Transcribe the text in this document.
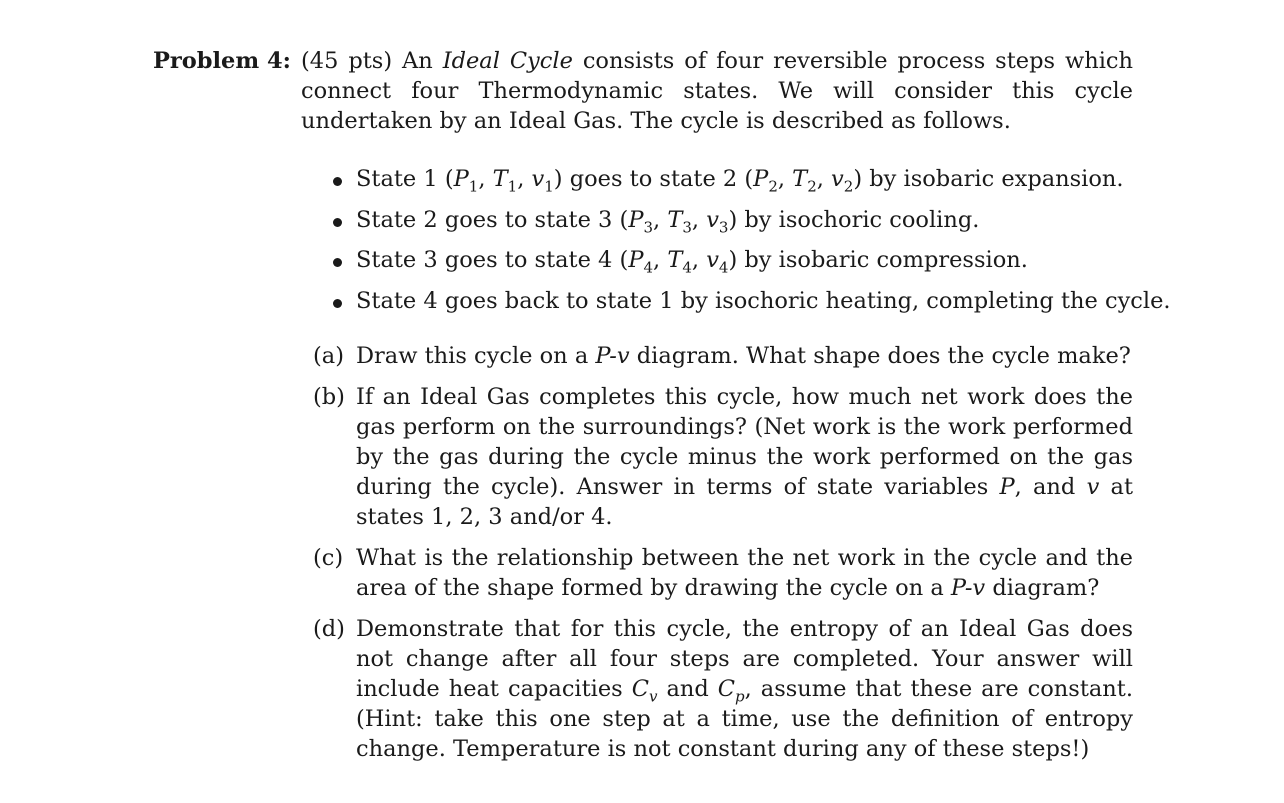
Problem 4: (45 pts) An Ideal Cycle consists of four reversible process steps which connect four Thermodynamic states. We will consider this cycle undertaken by an Ideal Gas. The cycle is described as follows.
State 1 ($P_1$, $T_1$, $v_1$) goes to state 2 ($P_2$, $T_2$, $v_2$) by isobaric expansion.
State 2 goes to state 3 ($P_3$, $T_3$, $v_3$) by isochoric cooling.
State 3 goes to state 4 ($P_4$, $T_4$, $v_4$) by isobaric compression.
State 4 goes back to state 1 by isochoric heating, completing the cycle.
(a) Draw this cycle on a P-v diagram. What shape does the cycle make?
(b) If an Ideal Gas completes this cycle, how much net work does the gas perform on the surroundings? (Net work is the work performed by the gas during the cycle minus the work performed on the gas during the cycle). Answer in terms of state variables P, and v at states 1, 2, 3 and/or 4.
(c) What is the relationship between the net work in the cycle and the area of the shape formed by drawing the cycle on a P-v diagram?
(d) Demonstrate that for this cycle, the entropy of an Ideal Gas does not change after all four steps are completed. Your answer will include heat capacities $C_v$ and $C_p$, assume that these are constant. (Hint: take this one step at a time, use the definition of entropy change. Temperature is not constant during any of these steps!)
